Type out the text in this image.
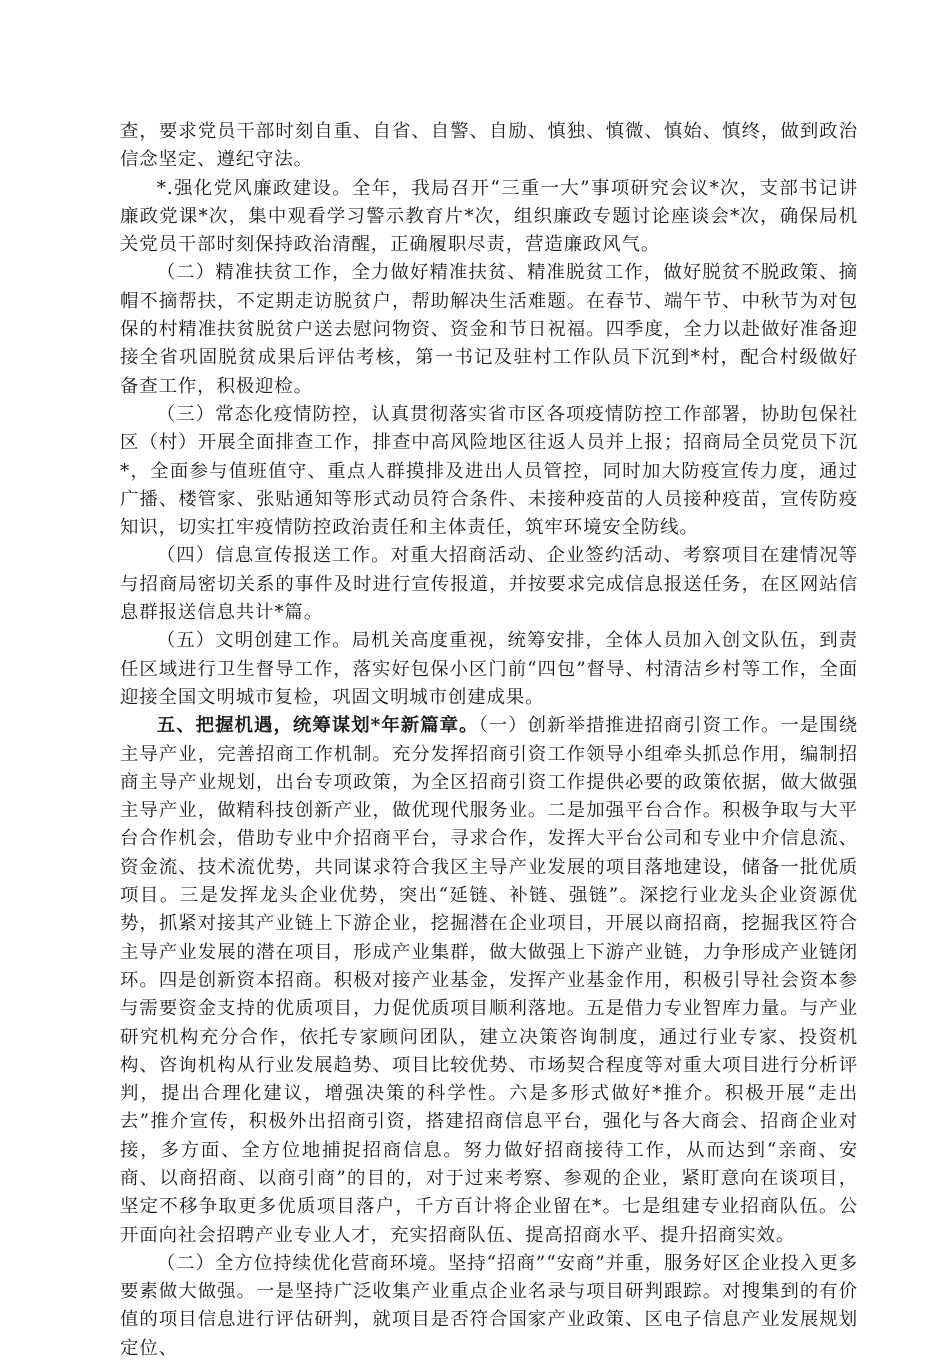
查，要求党员干部时刻自重、自省、自警、自励、慎独、慎微、慎始、慎终，做到政治信念坚定、遵纪守法。

*.强化党风廉政建设。全年，我局召开“三重一大”事项研究会议*次，支部书记讲廉政党课*次，集中观看学习警示教育片*次，组织廉政专题讨论座谈会*次，确保局机关党员干部时刻保持政治清醒，正确履职尽责，营造廉政风气。

（二）精准扶贫工作，全力做好精准扶贫、精准脱贫工作，做好脱贫不脱政策、摘帽不摘帮扶，不定期走访脱贫户，帮助解决生活难题。在春节、端午节、中秋节为对包保的村精准扶贫脱贫户送去慰问物资、资金和节日祝福。四季度，全力以赴做好准备迎接全省巩固脱贫成果后评估考核，第一书记及驻村工作队员下沉到*村，配合村级做好备查工作，积极迎检。

（三）常态化疫情防控，认真贯彻落实省市区各项疫情防控工作部署，协助包保社区（村）开展全面排查工作，排查中高风险地区往返人员并上报；招商局全员党员下沉*，全面参与值班值守、重点人群摸排及进出人员管控，同时加大防疫宣传力度，通过广播、楼管家、张贴通知等形式动员符合条件、未接种疫苗的人员接种疫苗，宣传防疫知识，切实扛牢疫情防控政治责任和主体责任，筑牢环境安全防线。

（四）信息宣传报送工作。对重大招商活动、企业签约活动、考察项目在建情况等与招商局密切关系的事件及时进行宣传报道，并按要求完成信息报送任务，在区网站信息群报送信息共计*篇。

（五）文明创建工作。局机关高度重视，统筹安排，全体人员加入创文队伍，到责任区域进行卫生督导工作，落实好包保小区门前“四包”督导、村清洁乡村等工作，全面迎接全国文明城市复检，巩固文明城市创建成果。

五、把握机遇，统筹谋划*年新篇章。（一）创新举措推进招商引资工作。一是围绕主导产业，完善招商工作机制。充分发挥招商引资工作领导小组牵头抓总作用，编制招商主导产业规划，出台专项政策，为全区招商引资工作提供必要的政策依据，做大做强主导产业，做精科技创新产业，做优现代服务业。二是加强平台合作。积极争取与大平台合作机会，借助专业中介招商平台，寻求合作，发挥大平台公司和专业中介信息流、资金流、技术流优势，共同谋求符合我区主导产业发展的项目落地建设，储备一批优质项目。三是发挥龙头企业优势，突出“延链、补链、强链”。深挖行业龙头企业资源优势，抓紧对接其产业链上下游企业，挖掘潜在企业项目，开展以商招商，挖掘我区符合主导产业发展的潜在项目，形成产业集群，做大做强上下游产业链，力争形成产业链闭环。四是创新资本招商。积极对接产业基金，发挥产业基金作用，积极引导社会资本参与需要资金支持的优质项目，力促优质项目顺利落地。五是借力专业智库力量。与产业研究机构充分合作，依托专家顾问团队，建立决策咨询制度，通过行业专家、投资机构、咨询机构从行业发展趋势、项目比较优势、市场契合程度等对重大项目进行分析评判，提出合理化建议，增强决策的科学性。六是多形式做好*推介。积极开展“走出去”推介宣传，积极外出招商引资，搭建招商信息平台，强化与各大商会、招商企业对接，多方面、全方位地捕捉招商信息。努力做好招商接待工作，从而达到“亲商、安商、以商招商、以商引商”的目的，对于过来考察、参观的企业，紧盯意向在谈项目，坚定不移争取更多优质项目落户，千方百计将企业留在*。七是组建专业招商队伍。公开面向社会招聘产业专业人才，充实招商队伍、提高招商水平、提升招商实效。

（二）全方位持续优化营商环境。坚持“招商”“安商”并重，服务好区企业投入更多要素做大做强。一是坚持广泛收集产业重点企业名录与项目研判跟踪。对搜集到的有价值的项目信息进行评估研判，就项目是否符合国家产业政策、区电子信息产业发展规划定位、
